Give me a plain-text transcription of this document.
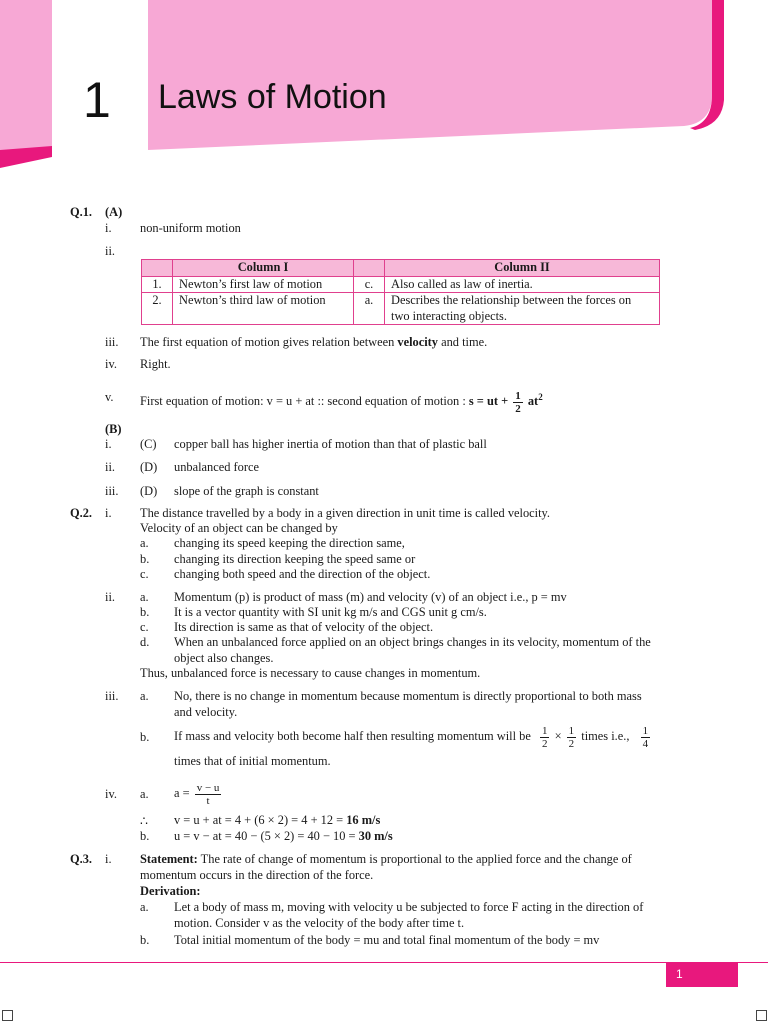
1 Laws of Motion
Q.1. (A)
i. non-uniform motion
ii.
	Column I		Column II
1.	Newton’s first law of motion	c.	Also called as law of inertia.
2.	Newton’s third law of motion	a.	Describes the relationship between the forces on
two interacting objects.
iii. The first equation of motion gives relation between velocity and time.
iv. Right.
v. First equation of motion: v = u + at :: second equation of motion : s = ut + $\frac{1}{2} at^2$
(B)
i. (C) copper ball has higher inertia of motion than that of plastic ball
ii. (D) unbalanced force
iii. (D) slope of the graph is constant
Q.2. i. The distance travelled by a body in a given direction in unit time is called velocity.
Velocity of an object can be changed by
a. changing its speed keeping the direction same,
b. changing its direction keeping the speed same or
c. changing both speed and the direction of the object.
ii. a. Momentum (p) is product of mass (m) and velocity (v) of an object i.e., p = mv
b. It is a vector quantity with SI unit kg m/s and CGS unit g cm/s.
c. Its direction is same as that of velocity of the object.
d. When an unbalanced force applied on an object brings changes in its velocity, momentum of the
object also changes.
Thus, unbalanced force is necessary to cause changes in momentum.
iii. a. No, there is no change in momentum because momentum is directly proportional to both mass
and velocity.
b. If mass and velocity both become half then resulting momentum will be $\frac{1}{2} \times \frac{1}{2}$ times i.e., $\frac{1}{4}$
times that of initial momentum.
iv. a. $a = \frac{v - u}{t}$
∴ v = u + at = 4 + (6 × 2) = 4 + 12 = 16 m/s
b. u = v − at = 40 − (5 × 2) = 40 − 10 = 30 m/s
Q.3. i. Statement: The rate of change of momentum is proportional to the applied force and the change of
momentum occurs in the direction of the force.
Derivation:
a. Let a body of mass m, moving with velocity u be subjected to force F acting in the direction of
motion. Consider v as the velocity of the body after time t.
b. Total initial momentum of the body = mu and total final momentum of the body = mv
1
